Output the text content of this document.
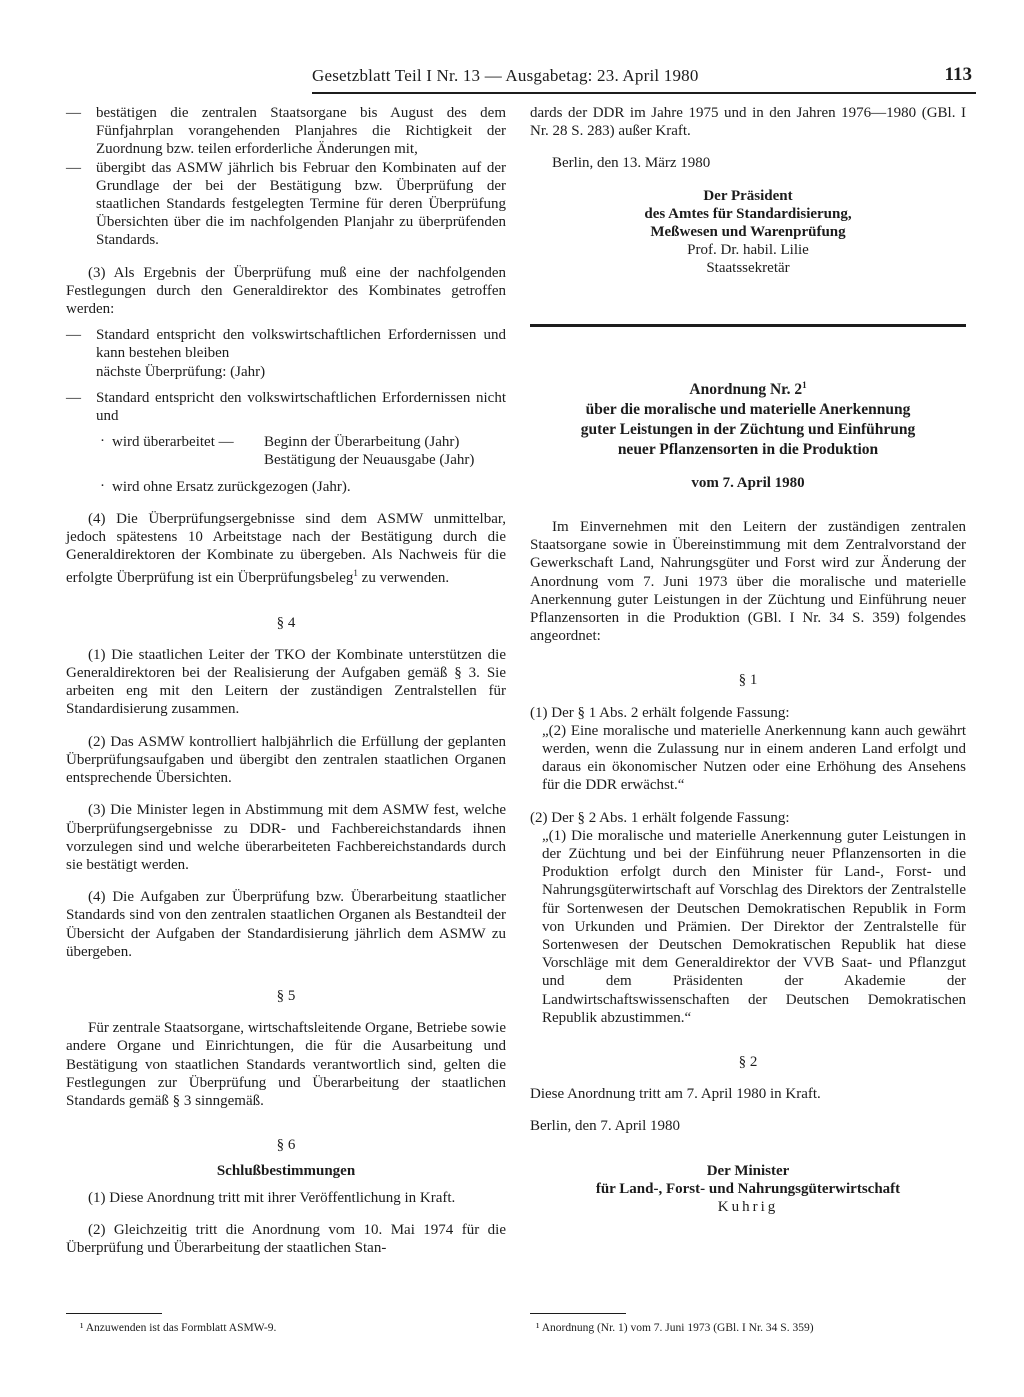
Gesetzblatt Teil I Nr. 13 — Ausgabetag: 23. April 1980	113
— bestätigen die zentralen Staatsorgane bis August des dem Fünfjahrplan vorangehenden Planjahres die Richtigkeit der Zuordnung bzw. teilen erforderliche Änderungen mit,
— übergibt das ASMW jährlich bis Februar den Kombinaten auf der Grundlage der bei der Bestätigung bzw. Überprüfung der staatlichen Standards festgelegten Termine für deren Überprüfung Übersichten über die im nachfolgenden Planjahr zu überprüfenden Standards.

(3) Als Ergebnis der Überprüfung muß eine der nachfolgenden Festlegungen durch den Generaldirektor des Kombinates getroffen werden:

— Standard entspricht den volkswirtschaftlichen Erfordernissen und kann bestehen bleiben
nächste Überprüfung: (Jahr)
— Standard entspricht den volkswirtschaftlichen Erfordernissen nicht und
· wird überarbeitet — Beginn der Überarbeitung (Jahr)
Bestätigung der Neuausgabe (Jahr)
· wird ohne Ersatz zurückgezogen (Jahr).

(4) Die Überprüfungsergebnisse sind dem ASMW unmittelbar, jedoch spätestens 10 Arbeitstage nach der Bestätigung durch die Generaldirektoren der Kombinate zu übergeben. Als Nachweis für die erfolgte Überprüfung ist ein Überprüfungsbeleg$^1$ zu verwenden.

§ 4

(1) Die staatlichen Leiter der TKO der Kombinate unterstützen die Generaldirektoren bei der Realisierung der Aufgaben gemäß § 3. Sie arbeiten eng mit den Leitern der zuständigen Zentralstellen für Standardisierung zusammen.

(2) Das ASMW kontrolliert halbjährlich die Erfüllung der geplanten Überprüfungsaufgaben und übergibt den zentralen staatlichen Organen entsprechende Übersichten.

(3) Die Minister legen in Abstimmung mit dem ASMW fest, welche Überprüfungsergebnisse zu DDR- und Fachbereichstandards ihnen vorzulegen sind und welche überarbeiteten Fachbereichstandards durch sie bestätigt werden.

(4) Die Aufgaben zur Überprüfung bzw. Überarbeitung staatlicher Standards sind von den zentralen staatlichen Organen als Bestandteil der Übersicht der Aufgaben der Standardisierung jährlich dem ASMW zu übergeben.

§ 5

Für zentrale Staatsorgane, wirtschaftsleitende Organe, Betriebe sowie andere Organe und Einrichtungen, die für die Ausarbeitung und Bestätigung von staatlichen Standards verantwortlich sind, gelten die Festlegungen zur Überprüfung und Überarbeitung der staatlichen Standards gemäß § 3 sinngemäß.

§ 6

Schlußbestimmungen

(1) Diese Anordnung tritt mit ihrer Veröffentlichung in Kraft.

(2) Gleichzeitig tritt die Anordnung vom 10. Mai 1974 für die Überprüfung und Überarbeitung der staatlichen Stan-

dards der DDR im Jahre 1975 und in den Jahren 1976—1980 (GBl. I Nr. 28 S. 283) außer Kraft.

Berlin, den 13. März 1980

Der Präsident
des Amtes für Standardisierung,
Meßwesen und Warenprüfung
Prof. Dr. habil. Lilie
Staatssekretär
Anordnung Nr. $2^1$
über die moralische und materielle Anerkennung
guter Leistungen in der Züchtung und Einführung
neuer Pflanzensorten in die Produktion

vom 7. April 1980

Im Einvernehmen mit den Leitern der zuständigen zentralen Staatsorgane sowie in Übereinstimmung mit dem Zentralvorstand der Gewerkschaft Land, Nahrungsgüter und Forst wird zur Änderung der Anordnung vom 7. Juni 1973 über die moralische und materielle Anerkennung guter Leistungen in der Züchtung und Einführung neuer Pflanzensorten in die Produktion (GBl. I Nr. 34 S. 359) folgendes angeordnet:

§ 1

(1) Der § 1 Abs. 2 erhält folgende Fassung:

„(2) Eine moralische und materielle Anerkennung kann auch gewährt werden, wenn die Zulassung nur in einem anderen Land erfolgt und daraus ein ökonomischer Nutzen oder eine Erhöhung des Ansehens für die DDR erwächst.“

(2) Der § 2 Abs. 1 erhält folgende Fassung:

„(1) Die moralische und materielle Anerkennung guter Leistungen in der Züchtung und bei der Einführung neuer Pflanzensorten in die Produktion erfolgt durch den Minister für Land-, Forst- und Nahrungsgüterwirtschaft auf Vorschlag des Direktors der Zentralstelle für Sortenwesen der Deutschen Demokratischen Republik in Form von Urkunden und Prämien. Der Direktor der Zentralstelle für Sortenwesen der Deutschen Demokratischen Republik hat diese Vorschläge mit dem Generaldirektor der VVB Saat- und Pflanzgut und dem Präsidenten der Akademie der Landwirtschaftswissenschaften der Deutschen Demokratischen Republik abzustimmen.“

§ 2

Diese Anordnung tritt am 7. April 1980 in Kraft.

Berlin, den 7. April 1980

Der Minister
für Land-, Forst- und Nahrungsgüterwirtschaft
Kuhrig
¹ Anzuwenden ist das Formblatt ASMW-9.	¹ Anordnung (Nr. 1) vom 7. Juni 1973 (GBl. I Nr. 34 S. 359)
